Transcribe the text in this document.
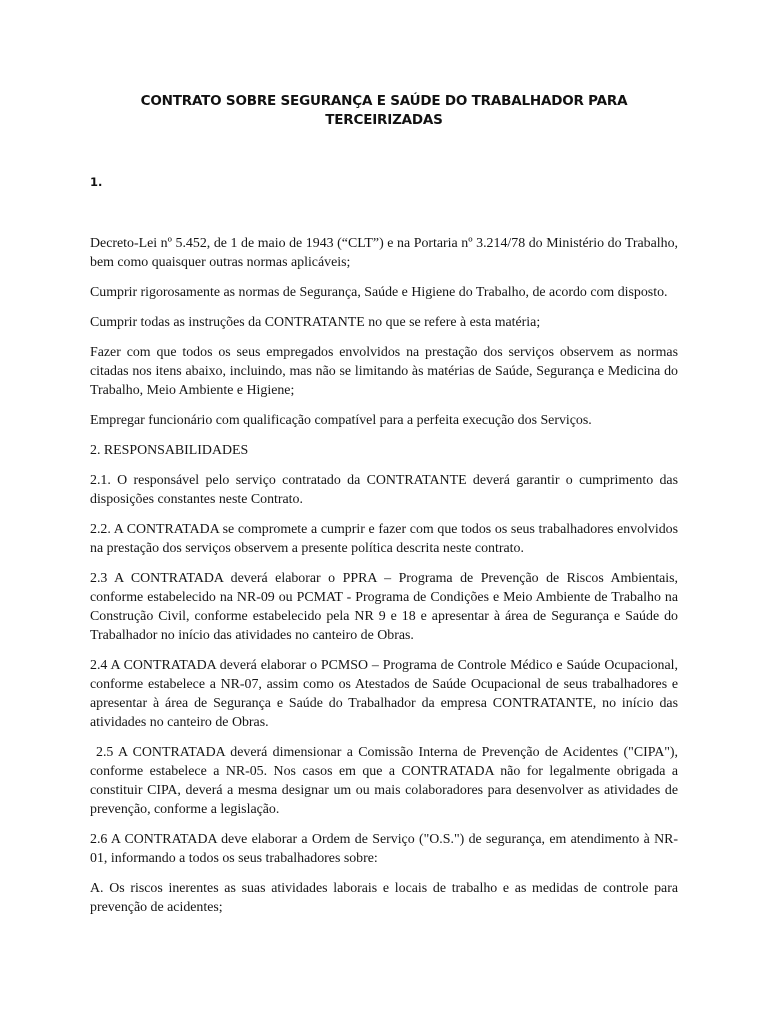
CONTRATO SOBRE SEGURANÇA E SAÚDE DO TRABALHADOR PARA
TERCEIRIZADAS
1.

Decreto-Lei nº 5.452, de 1 de maio de 1943 (“CLT”) e na Portaria nº 3.214/78 do Ministério do Trabalho, bem como quaisquer outras normas aplicáveis;

Cumprir rigorosamente as normas de Segurança, Saúde e Higiene do Trabalho, de acordo com disposto.

Cumprir todas as instruções da CONTRATANTE no que se refere à esta matéria;

Fazer com que todos os seus empregados envolvidos na prestação dos serviços observem as normas citadas nos itens abaixo, incluindo, mas não se limitando às matérias de Saúde, Segurança e Medicina do Trabalho, Meio Ambiente e Higiene;

Empregar funcionário com qualificação compatível para a perfeita execução dos Serviços.

2. RESPONSABILIDADES

2.1. O responsável pelo serviço contratado da CONTRATANTE deverá garantir o cumprimento das disposições constantes neste Contrato.

2.2. A CONTRATADA se compromete a cumprir e fazer com que todos os seus trabalhadores envolvidos na prestação dos serviços observem a presente política descrita neste contrato.

2.3 A CONTRATADA deverá elaborar o PPRA – Programa de Prevenção de Riscos Ambientais, conforme estabelecido na NR-09 ou PCMAT - Programa de Condições e Meio Ambiente de Trabalho na Construção Civil, conforme estabelecido pela NR 9 e 18 e apresentar à área de Segurança e Saúde do Trabalhador no início das atividades no canteiro de Obras.

2.4 A CONTRATADA deverá elaborar o PCMSO – Programa de Controle Médico e Saúde Ocupacional, conforme estabelece a NR-07, assim como os Atestados de Saúde Ocupacional de seus trabalhadores e apresentar à área de Segurança e Saúde do Trabalhador da empresa CONTRATANTE, no início das atividades no canteiro de Obras.

2.5 A CONTRATADA deverá dimensionar a Comissão Interna de Prevenção de Acidentes ("CIPA"), conforme estabelece a NR-05. Nos casos em que a CONTRATADA não for legalmente obrigada a constituir CIPA, deverá a mesma designar um ou mais colaboradores para desenvolver as atividades de prevenção, conforme a legislação.

2.6 A CONTRATADA deve elaborar a Ordem de Serviço ("O.S.") de segurança, em atendimento à NR-01, informando a todos os seus trabalhadores sobre:

A. Os riscos inerentes as suas atividades laborais e locais de trabalho e as medidas de controle para prevenção de acidentes;
